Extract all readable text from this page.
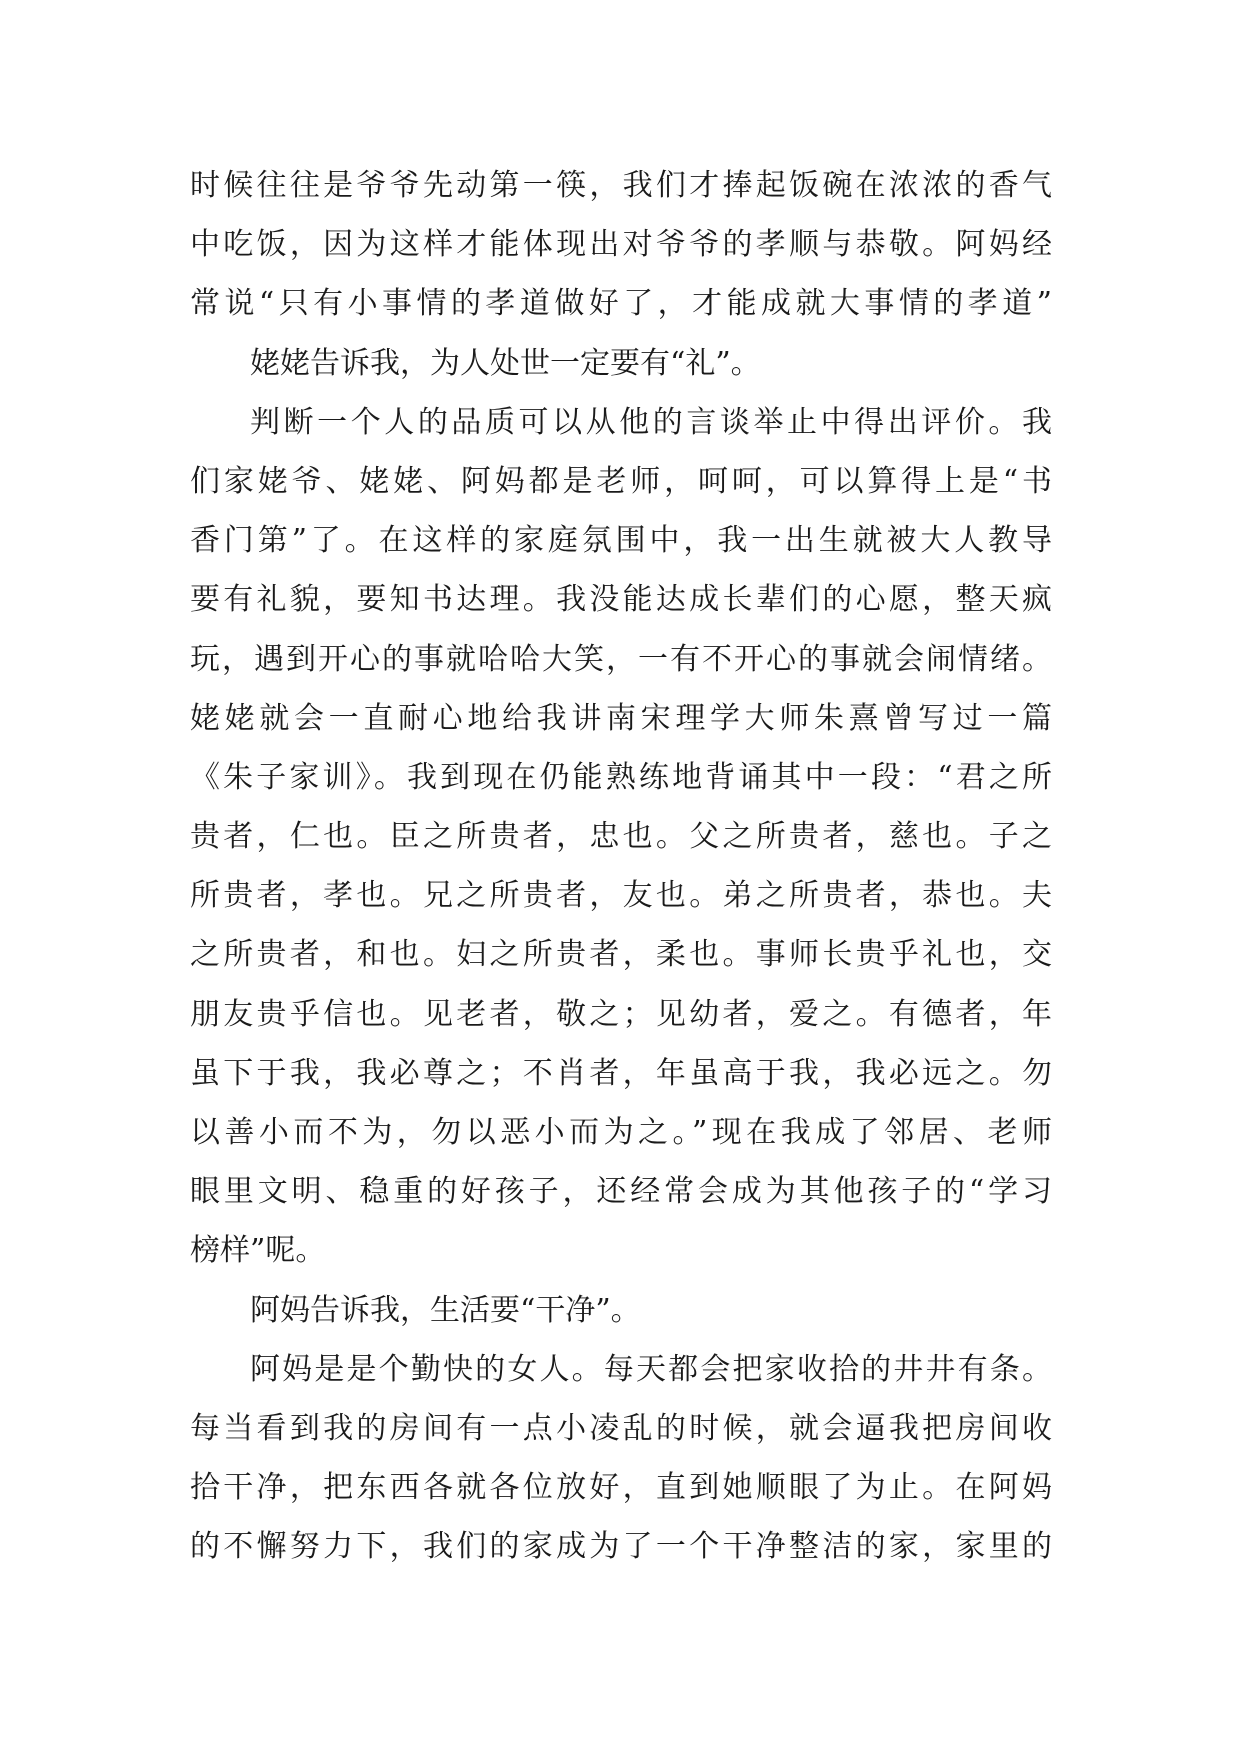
时候往往是爷爷先动第一筷，我们才捧起饭碗在浓浓的香气
中吃饭，因为这样才能体现出对爷爷的孝顺与恭敬。阿妈经
常说“只有小事情的孝道做好了，才能成就大事情的孝道”
姥姥告诉我，为人处世一定要有“礼”。
判断一个人的品质可以从他的言谈举止中得出评价。我
们家姥爷、姥姥、阿妈都是老师，呵呵，可以算得上是“书
香门第”了。在这样的家庭氛围中，我一出生就被大人教导
要有礼貌，要知书达理。我没能达成长辈们的心愿，整天疯
玩，遇到开心的事就哈哈大笑，一有不开心的事就会闹情绪。
姥姥就会一直耐心地给我讲南宋理学大师朱熹曾写过一篇
《朱子家训》。我到现在仍能熟练地背诵其中一段：“君之所
贵者，仁也。臣之所贵者，忠也。父之所贵者，慈也。子之
所贵者，孝也。兄之所贵者，友也。弟之所贵者，恭也。夫
之所贵者，和也。妇之所贵者，柔也。事师长贵乎礼也，交
朋友贵乎信也。见老者，敬之；见幼者，爱之。有德者，年
虽下于我，我必尊之；不肖者，年虽高于我，我必远之。勿
以善小而不为，勿以恶小而为之。”现在我成了邻居、老师
眼里文明、稳重的好孩子，还经常会成为其他孩子的“学习
榜样”呢。
阿妈告诉我，生活要“干净”。
阿妈是是个勤快的女人。每天都会把家收拾的井井有条。
每当看到我的房间有一点小凌乱的时候，就会逼我把房间收
拾干净，把东西各就各位放好，直到她顺眼了为止。在阿妈
的不懈努力下，我们的家成为了一个干净整洁的家，家里的
